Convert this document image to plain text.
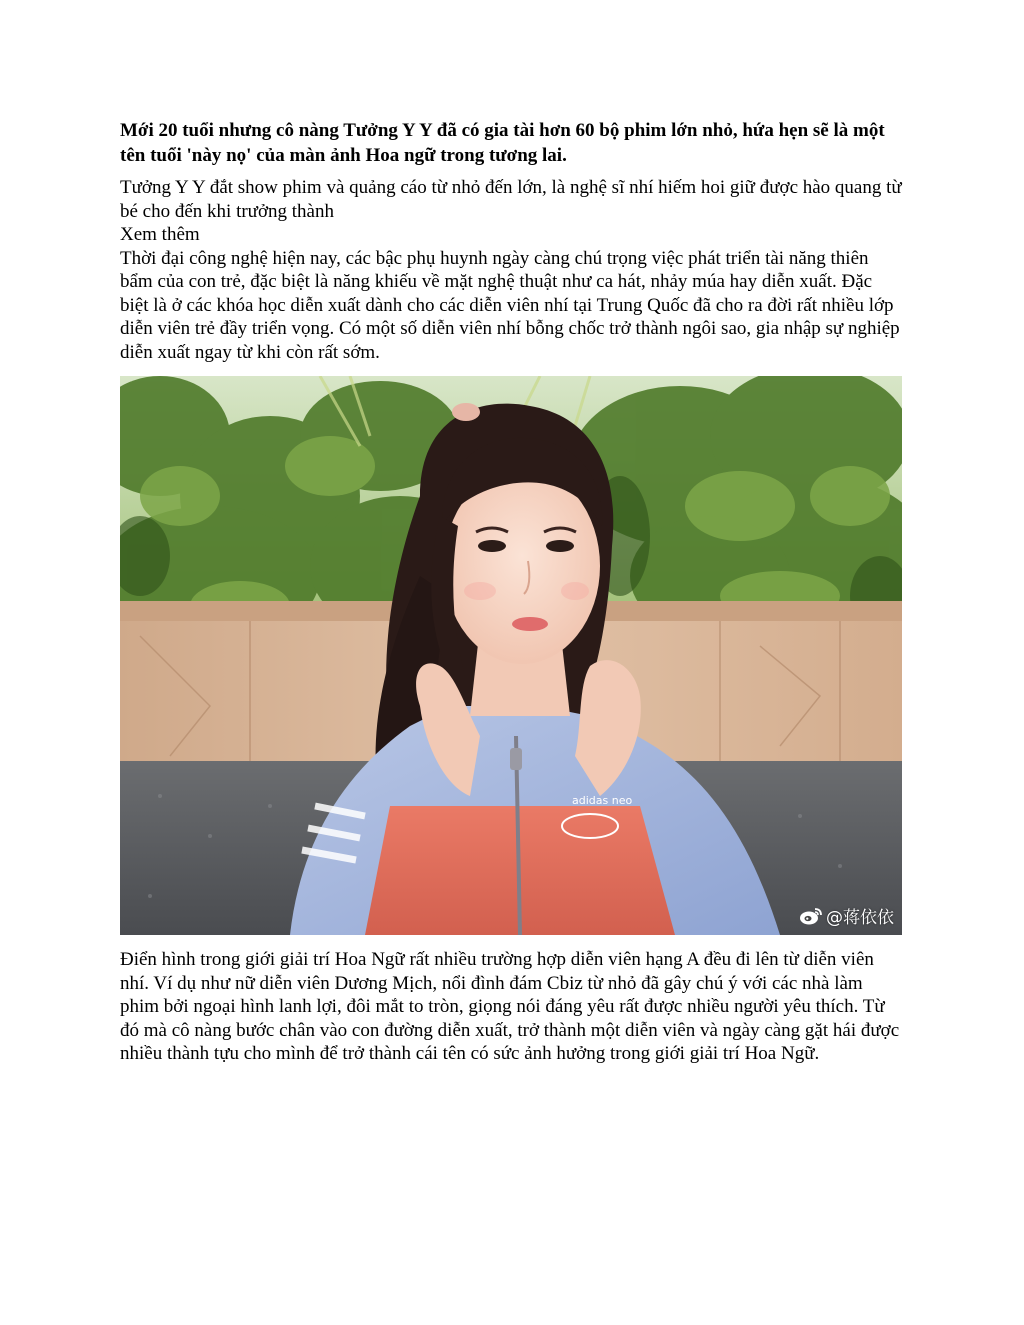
Mới 20 tuổi nhưng cô nàng Tưởng Y Y đã có gia tài hơn 60 bộ phim lớn nhỏ, hứa hẹn sẽ là một tên tuổi 'này nọ' của màn ảnh Hoa ngữ trong tương lai.

Tưởng Y Y đắt show phim và quảng cáo từ nhỏ đến lớn, là nghệ sĩ nhí hiếm hoi giữ được hào quang từ bé cho đến khi trưởng thành

Xem thêm

Thời đại công nghệ hiện nay, các bậc phụ huynh ngày càng chú trọng việc phát triển tài năng thiên bẩm của con trẻ, đặc biệt là năng khiếu về mặt nghệ thuật như ca hát, nhảy múa hay diễn xuất. Đặc biệt là ở các khóa học diễn xuất dành cho các diễn viên nhí tại Trung Quốc đã cho ra đời rất nhiều lớp diễn viên trẻ đầy triển vọng. Có một số diễn viên nhí bỗng chốc trở thành ngôi sao, gia nhập sự nghiệp diễn xuất ngay từ khi còn rất sớm.

adidas neo
@蒋依依

Điển hình trong giới giải trí Hoa Ngữ rất nhiều trường hợp diễn viên hạng A đều đi lên từ diễn viên nhí. Ví dụ như nữ diễn viên Dương Mịch, nổi đình đám Cbiz từ nhỏ đã gây chú ý với các nhà làm phim bởi ngoại hình lanh lợi, đôi mắt to tròn, giọng nói đáng yêu rất được nhiều người yêu thích. Từ đó mà cô nàng bước chân vào con đường diễn xuất, trở thành một diễn viên và ngày càng gặt hái được nhiều thành tựu cho mình để trở thành cái tên có sức ảnh hưởng trong giới giải trí Hoa Ngữ.
